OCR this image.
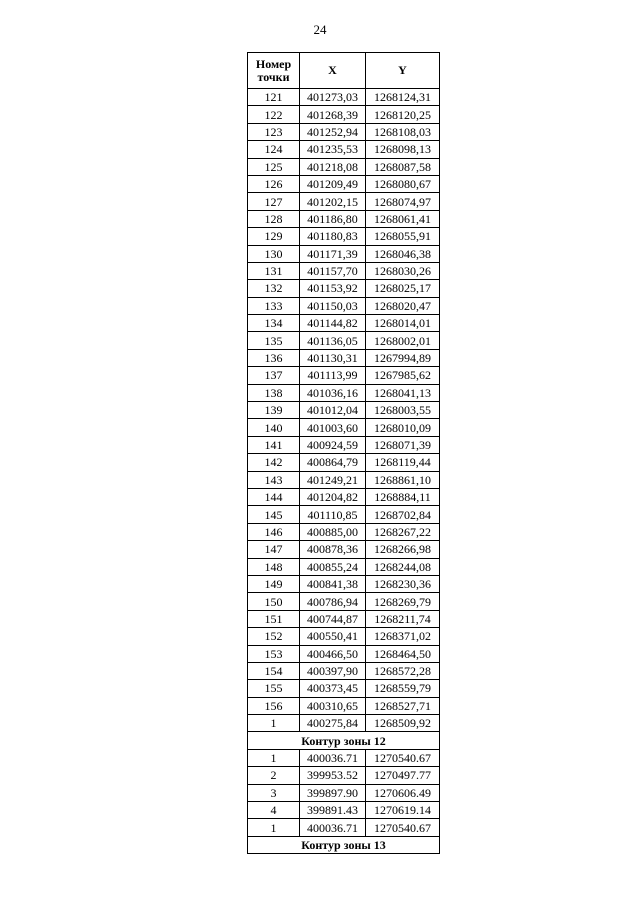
24
Номер точки	X	Y
121	401273,03	1268124,31
122	401268,39	1268120,25
123	401252,94	1268108,03
124	401235,53	1268098,13
125	401218,08	1268087,58
126	401209,49	1268080,67
127	401202,15	1268074,97
128	401186,80	1268061,41
129	401180,83	1268055,91
130	401171,39	1268046,38
131	401157,70	1268030,26
132	401153,92	1268025,17
133	401150,03	1268020,47
134	401144,82	1268014,01
135	401136,05	1268002,01
136	401130,31	1267994,89
137	401113,99	1267985,62
138	401036,16	1268041,13
139	401012,04	1268003,55
140	401003,60	1268010,09
141	400924,59	1268071,39
142	400864,79	1268119,44
143	401249,21	1268861,10
144	401204,82	1268884,11
145	401110,85	1268702,84
146	400885,00	1268267,22
147	400878,36	1268266,98
148	400855,24	1268244,08
149	400841,38	1268230,36
150	400786,94	1268269,79
151	400744,87	1268211,74
152	400550,41	1268371,02
153	400466,50	1268464,50
154	400397,90	1268572,28
155	400373,45	1268559,79
156	400310,65	1268527,71
1	400275,84	1268509,92
Контур зоны 12		
1	400036.71	1270540.67
2	399953.52	1270497.77
3	399897.90	1270606.49
4	399891.43	1270619.14
1	400036.71	1270540.67
Контур зоны 13		
